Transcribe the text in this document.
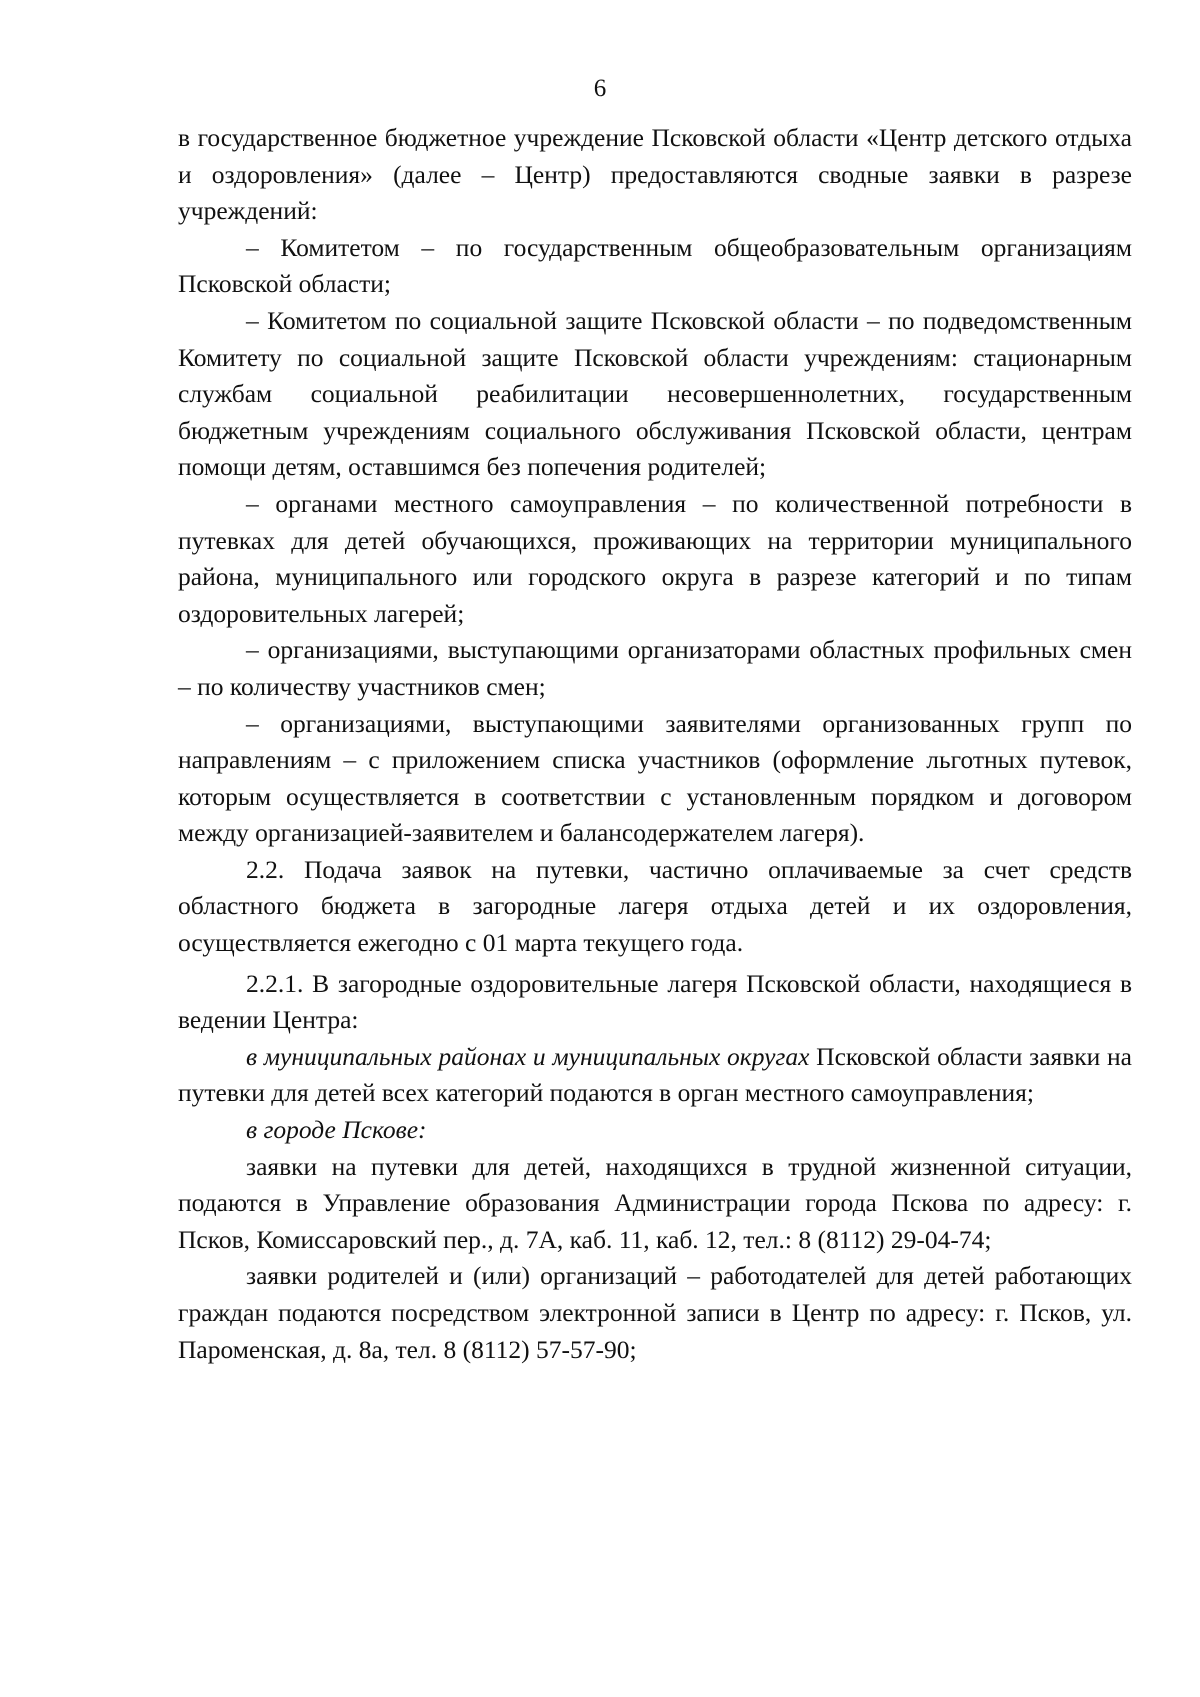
6

в государственное бюджетное учреждение Псковской области «Центр детского отдыха и оздоровления» (далее – Центр) предоставляются сводные заявки в разрезе учреждений:

– Комитетом – по государственным общеобразовательным организациям Псковской области;

– Комитетом по социальной защите Псковской области – по подведомственным Комитету по социальной защите Псковской области учреждениям: стационарным службам социальной реабилитации несовершеннолетних, государственным бюджетным учреждениям социального обслуживания Псковской области, центрам помощи детям, оставшимся без попечения родителей;

– органами местного самоуправления – по количественной потребности в путевках для детей обучающихся, проживающих на территории муниципального района, муниципального или городского округа в разрезе категорий и по типам оздоровительных лагерей;

– организациями, выступающими организаторами областных профильных смен – по количеству участников смен;

– организациями, выступающими заявителями организованных групп по направлениям – с приложением списка участников (оформление льготных путевок, которым осуществляется в соответствии с установленным порядком и договором между организацией-заявителем и балансодержателем лагеря).

2.2. Подача заявок на путевки, частично оплачиваемые за счет средств областного бюджета в загородные лагеря отдыха детей и их оздоровления, осуществляется ежегодно с 01 марта текущего года.

2.2.1. В загородные оздоровительные лагеря Псковской области, находящиеся в ведении Центра:

в муниципальных районах и муниципальных округах Псковской области заявки на путевки для детей всех категорий подаются в орган местного самоуправления;

в городе Пскове:

заявки на путевки для детей, находящихся в трудной жизненной ситуации, подаются в Управление образования Администрации города Пскова по адресу: г. Псков, Комиссаровский пер., д. 7А, каб. 11, каб. 12, тел.: 8 (8112) 29-04-74;

заявки родителей и (или) организаций – работодателей для детей работающих граждан подаются посредством электронной записи в Центр по адресу: г. Псков, ул. Пароменская, д. 8а, тел. 8 (8112) 57-57-90;
